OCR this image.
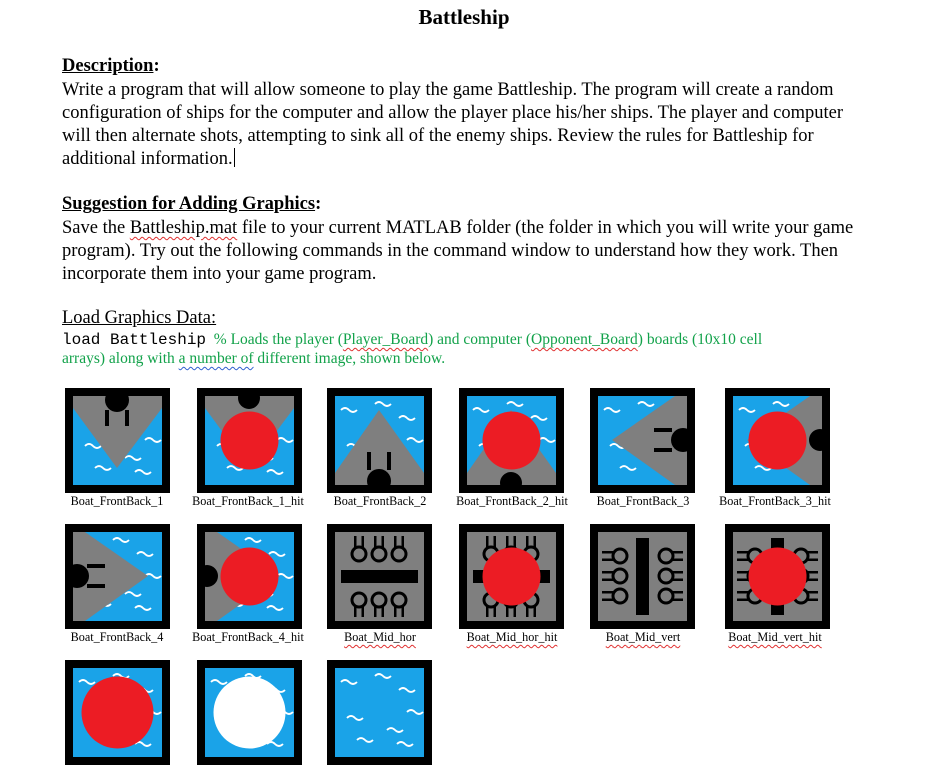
Battleship
Description:

Write a program that will allow someone to play the game Battleship. The program will create a random configuration of ships for the computer and allow the player place his/her ships. The player and computer will then alternate shots, attempting to sink all of the enemy ships. Review the rules for Battleship for additional information.

Suggestion for Adding Graphics:

Save the Battleship.mat file to your current MATLAB folder (the folder in which you will write your game program). Try out the following commands in the command window to understand how they work. Then incorporate them into your game program.

Load Graphics Data:
load Battleship % Loads the player (Player_Board) and computer (Opponent_Board) boards (10x10 cell
arrays) along with a number of different image, shown below.
Boat_FrontBack_1	Boat_FrontBack_1_hit	Boat_FrontBack_2	Boat_FrontBack_2_hit	Boat_FrontBack_3	Boat_FrontBack_3_hit
Boat_FrontBack_4	Boat_FrontBack_4_hit	Boat_Mid_hor	Boat_Mid_hor_hit	Boat_Mid_vert	Boat_Mid_vert_hit
